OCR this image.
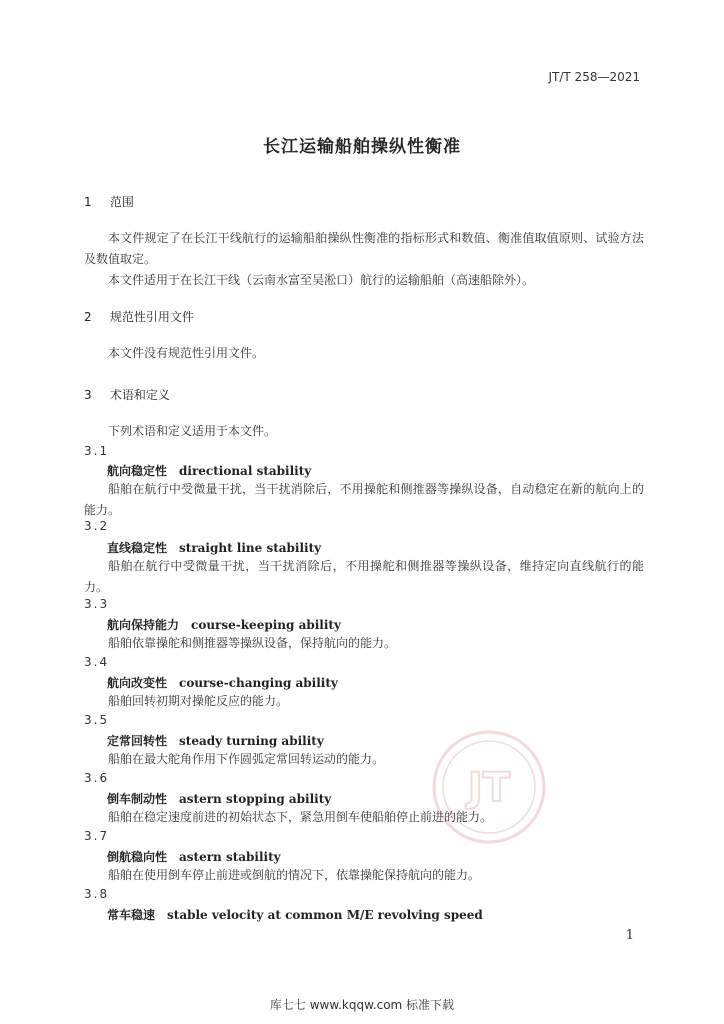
JT/T 258—2021
长江运输船舶操纵性衡准
1 范围
本文件规定了在长江干线航行的运输船舶操纵性衡准的指标形式和数值、衡准值取值原则、试验方法及数值取定。
本文件适用于在长江干线（云南水富至吴淞口）航行的运输船舶（高速船除外）。
2 规范性引用文件
本文件没有规范性引用文件。
3 术语和定义
下列术语和定义适用于本文件。
3.1
航向稳定性 directional stability
船舶在航行中受微量干扰，当干扰消除后，不用操舵和侧推器等操纵设备，自动稳定在新的航向上的能力。
3.2
直线稳定性 straight line stability
船舶在航行中受微量干扰，当干扰消除后，不用操舵和侧推器等操纵设备，维持定向直线航行的能力。
3.3
航向保持能力 course-keeping ability
船舶依靠操舵和侧推器等操纵设备，保持航向的能力。
3.4
航向改变性 course-changing ability
船舶回转初期对操舵反应的能力。
3.5
定常回转性 steady turning ability
船舶在最大舵角作用下作圆弧定常回转运动的能力。
3.6
倒车制动性 astern stopping ability
船舶在稳定速度前进的初始状态下，紧急用倒车使船舶停止前进的能力。
3.7
倒航稳向性 astern stability
船舶在使用倒车停止前进或倒航的情况下，依靠操舵保持航向的能力。
3.8
常车稳速 stable velocity at common M/E revolving speed
JT
1
库七七 www.kqqw.com 标准下载
